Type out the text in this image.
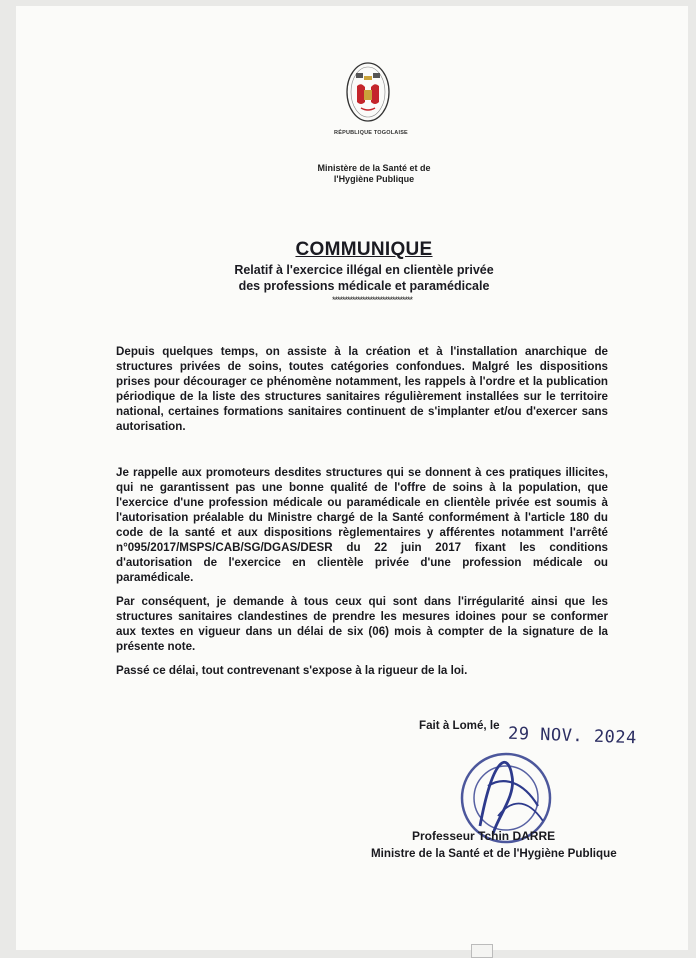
RÉPUBLIQUE TOGOLAISE
Ministère de la Santé et de
l'Hygiène Publique
COMMUNIQUE
Relatif à l'exercice illégal en clientèle privée
des professions médicale et paramédicale
********************************

Depuis quelques temps, on assiste à la création et à l'installation anarchique de structures privées de soins, toutes catégories confondues. Malgré les dispositions prises pour décourager ce phénomène notamment, les rappels à l'ordre et la publication périodique de la liste des structures sanitaires régulièrement installées sur le territoire national, certaines formations sanitaires continuent de s'implanter et/ou d'exercer sans autorisation.

Je rappelle aux promoteurs desdites structures qui se donnent à ces pratiques illicites, qui ne garantissent pas une bonne qualité de l'offre de soins à la population, que l'exercice d'une profession médicale ou paramédicale en clientèle privée est soumis à l'autorisation préalable du Ministre chargé de la Santé conformément à l'article 180 du code de la santé et aux dispositions règlementaires y afférentes notamment l'arrêté n°095/2017/MSPS/CAB/SG/DGAS/DESR du 22 juin 2017 fixant les conditions d'autorisation de l'exercice en clientèle privée d'une profession médicale ou paramédicale.

Par conséquent, je demande à tous ceux qui sont dans l'irrégularité ainsi que les structures sanitaires clandestines de prendre les mesures idoines pour se conformer aux textes en vigueur dans un délai de six (06) mois à compter de la signature de la présente note.

Passé ce délai, tout contrevenant s'expose à la rigueur de la loi.

Fait à Lomé, le 29 NOV. 2024
Professeur Tchin DARRE
Ministre de la Santé et de l'Hygiène Publique
